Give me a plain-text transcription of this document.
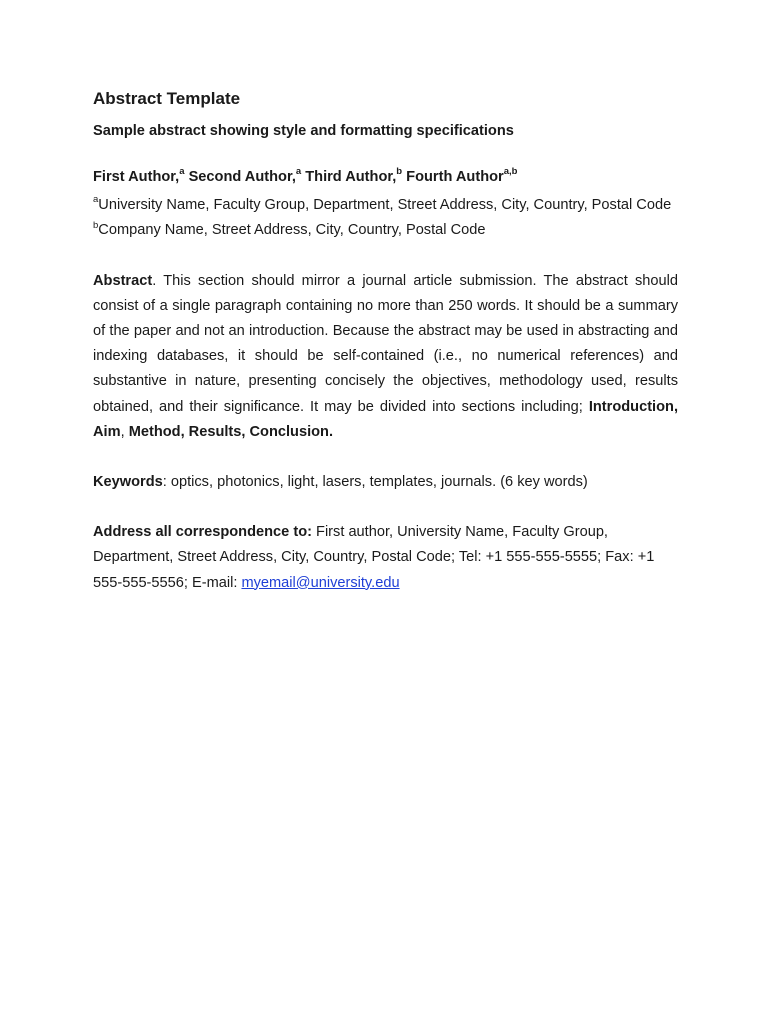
Abstract Template
Sample abstract showing style and formatting specifications
First Author,$^a$ Second Author,$^a$ Third Author,$^b$ Fourth Author$^{a,b}$

$^a$University Name, Faculty Group, Department, Street Address, City, Country, Postal Code

$^b$Company Name, Street Address, City, Country, Postal Code

Abstract. This section should mirror a journal article submission. The abstract should consist of a single paragraph containing no more than 250 words. It should be a summary of the paper and not an introduction. Because the abstract may be used in abstracting and indexing databases, it should be self-contained (i.e., no numerical references) and substantive in nature, presenting concisely the objectives, methodology used, results obtained, and their significance. It may be divided into sections including; Introduction, Aim, Method, Results, Conclusion.

Keywords: optics, photonics, light, lasers, templates, journals. (6 key words)

Address all correspondence to: First author, University Name, Faculty Group, Department, Street Address, City, Country, Postal Code; Tel: +1 555-555-5555; Fax: +1 555-555-5556; E-mail: myemail@university.edu
